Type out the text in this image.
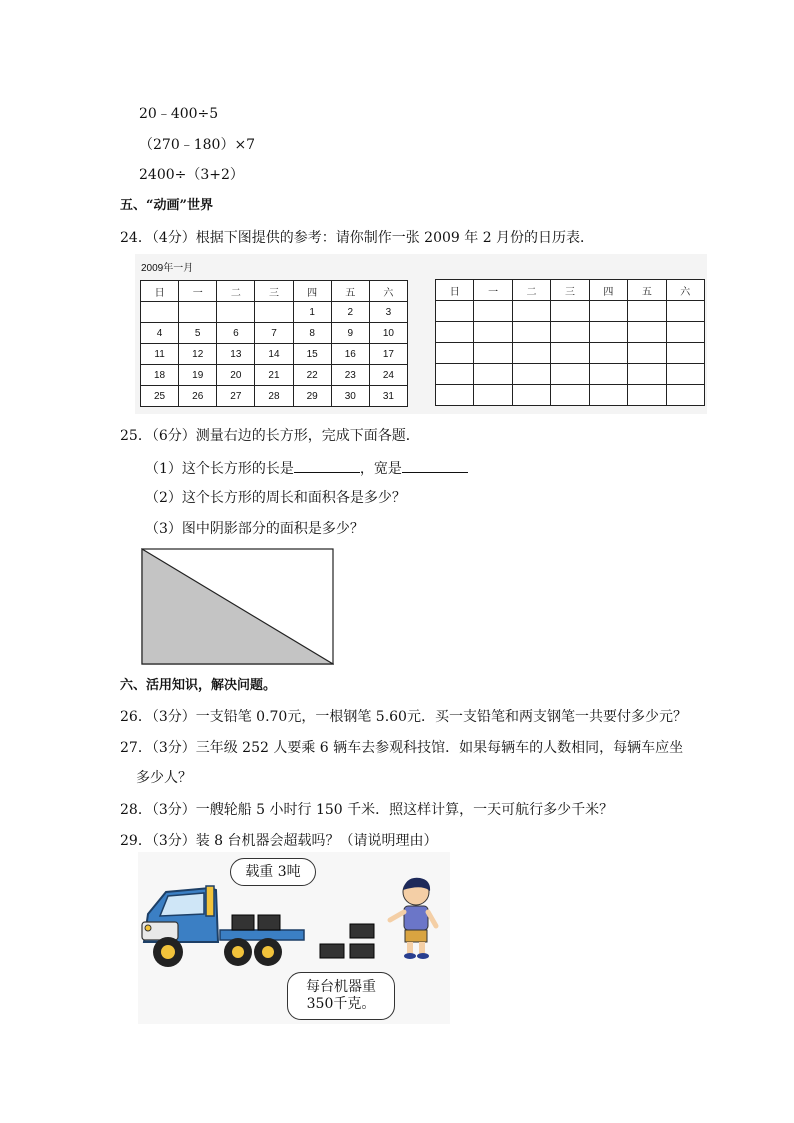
20﹣400÷5
（270﹣180）×7
2400÷（3+2）
五、“动画”世界
24．（4分）根据下图提供的参考：请你制作一张 2009 年 2 月份的日历表．
2009年一月
日	一	二	三	四	五	六
				1	2	3
4	5	6	7	8	9	10
11	12	13	14	15	16	17
18	19	20	21	22	23	24
25	26	27	28	29	30	31
日	一	二	三	四	五	六

25．（6分）测量右边的长方形，完成下面各题．
（1）这个长方形的长是	，宽是
（2）这个长方形的周长和面积各是多少？
（3）图中阴影部分的面积是多少？
六、活用知识，解决问题。
26．（3分）一支铅笔 0.70元，一根钢笔 5.60元．买一支铅笔和两支钢笔一共要付多少元？
27．（3分）三年级 252 人要乘 6 辆车去参观科技馆．如果每辆车的人数相同，每辆车应坐
多少人？
28．（3分）一艘轮船 5 小时行 150 千米．照这样计算，一天可航行多少千米？
29．（3分）装 8 台机器会超载吗？（请说明理由）
载重 3吨
每台机器重
350千克。
